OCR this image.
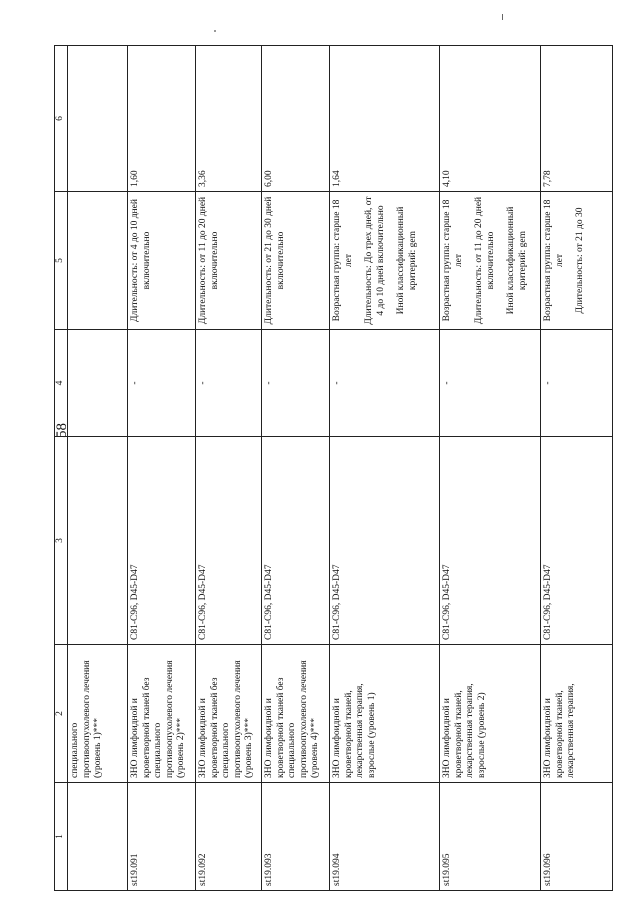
58
1	2	3	4	5	6
	специального противоопухолевого лечения (уровень 1)***				
st19.091	ЗНО лимфоидной и кроветворной тканей без специального противоопухолевого лечения (уровень 2)***	C81-C96, D45-D47	-	Длительность: от 4 до 10 дней включительно	1,60
st19.092	ЗНО лимфоидной и кроветворной тканей без специального противоопухолевого лечения (уровень 3)***	C81-C96, D45-D47	-	Длительность: от 11 до 20 дней включительно	3,36
st19.093	ЗНО лимфоидной и кроветворной тканей без специального противоопухолевого лечения (уровень 4)***	C81-C96, D45-D47	-	Длительность: от 21 до 30 дней включительно	6,00
st19.094	ЗНО лимфоидной и кроветворной тканей, лекарственная терапия, взрослые (уровень 1)	C81-C96, D45-D47	-	Возрастная группа: старше 18 лет Длительность: До трех дней, от 4 до 10 дней включительно Иной классификационный критерий: gem	1,64
st19.095	ЗНО лимфоидной и кроветворной тканей, лекарственная терапия, взрослые (уровень 2)	C81-C96, D45-D47	-	Возрастная группа: старше 18 лет Длительность: от 11 до 20 дней включительно Иной классификационный критерий: gem	4,10
st19.096	ЗНО лимфоидной и кроветворной тканей, лекарственная терапия,	C81-C96, D45-D47	-	Возрастная группа: старше 18 лет Длительность: от 21 до 30	7,78
